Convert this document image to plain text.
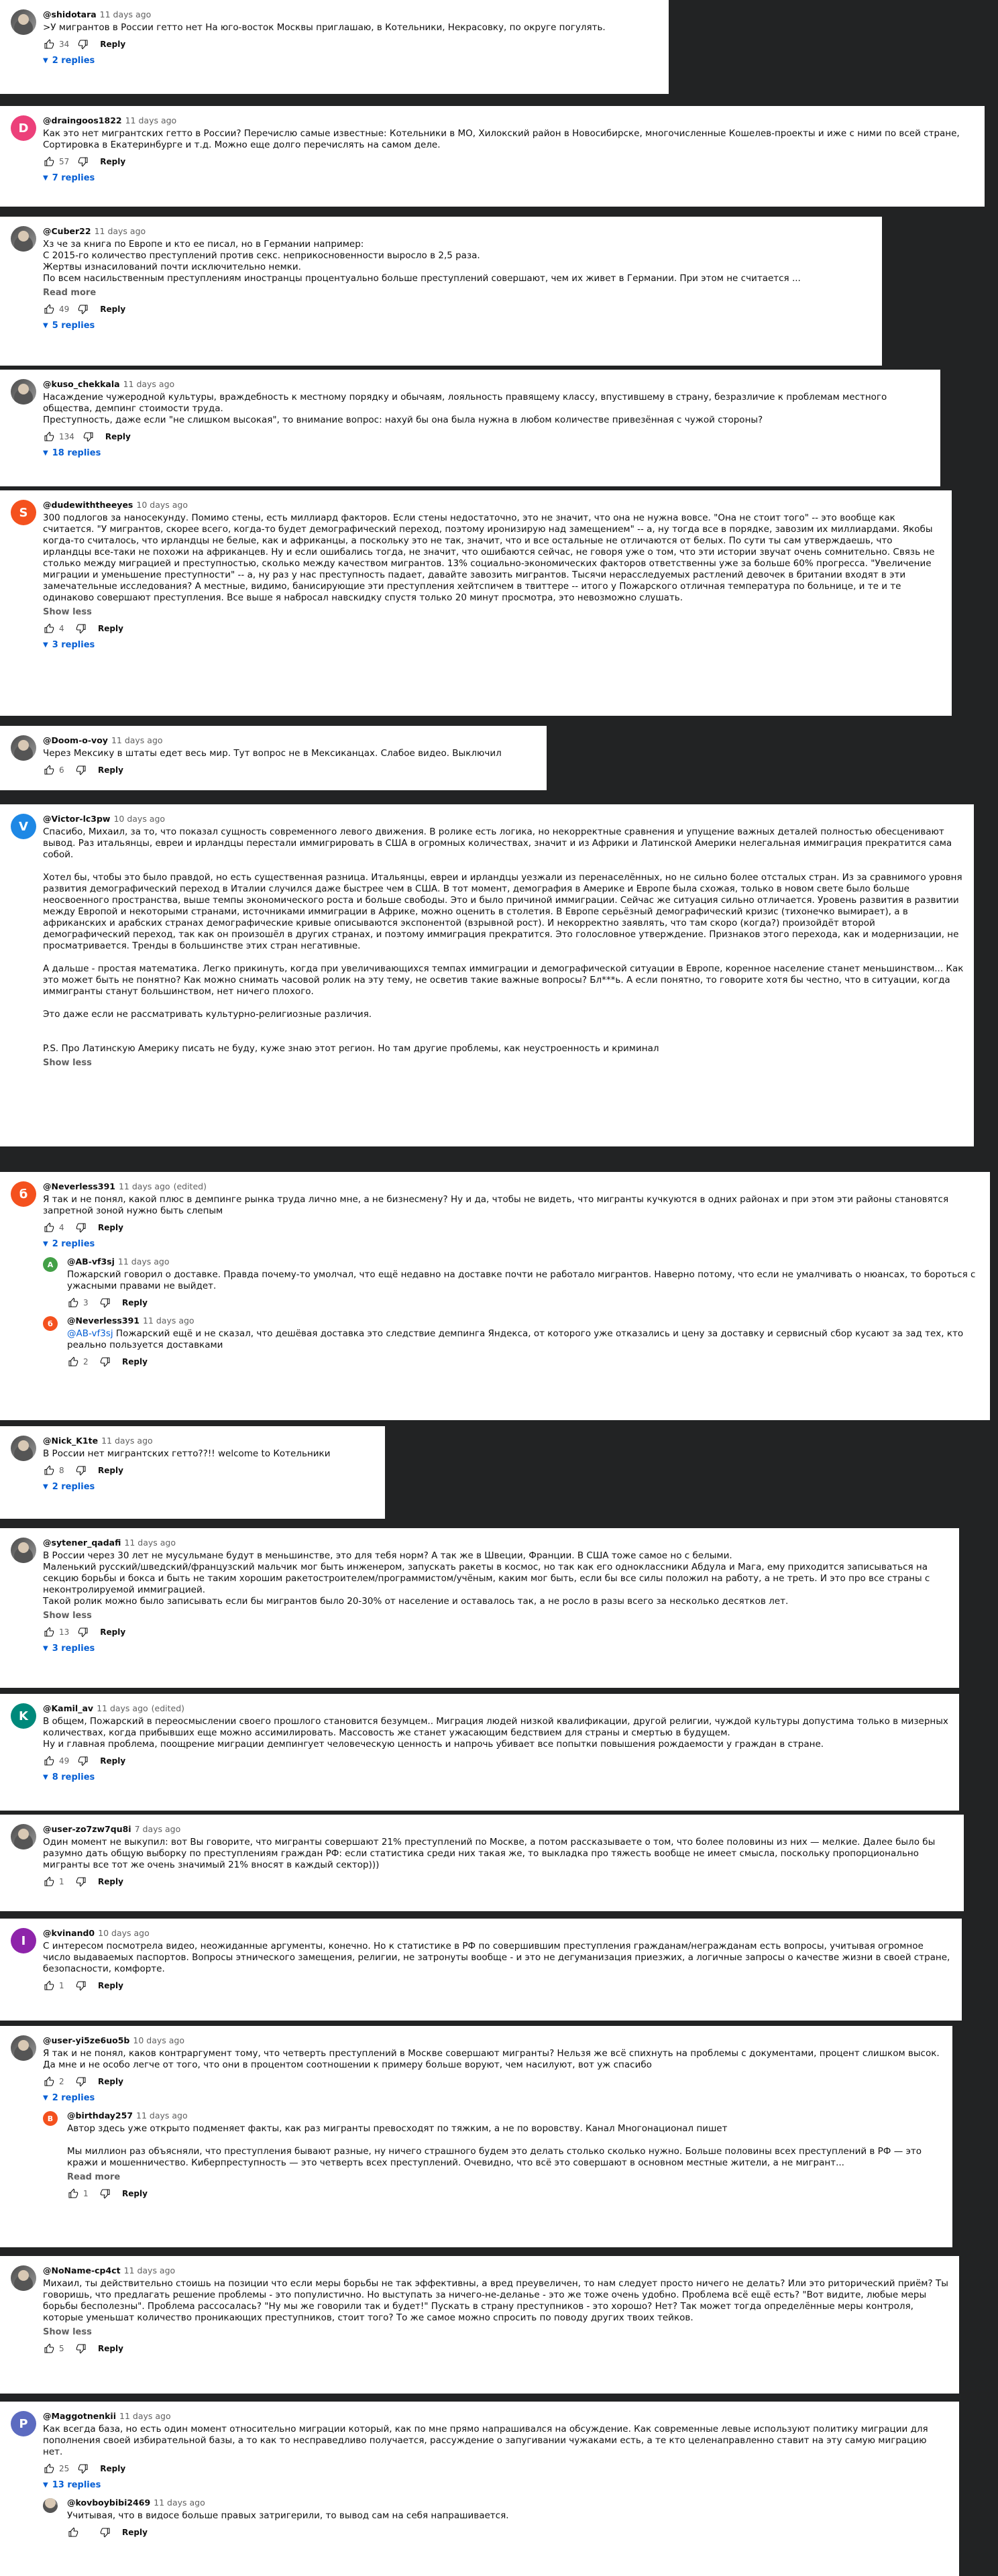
@shidotara 11 days ago
>У мигрантов в России гетто нет На юго-восток Москвы приглашаю, в Котельники, Некрасовку, по округе погулять.
34	Reply
▼ 2 replies
D
@draingoos1822 11 days ago
Как это нет мигрантских гетто в России? Перечислю самые известные: Котельники в МО, Хилокский район в Новосибирске, многочисленные Кошелев-проекты и иже с ними по всей стране, Сортировка в Екатеринбурге и т.д. Можно еще долго перечислять на самом деле.
57	Reply
▼ 7 replies
@Cuber22 11 days ago
Хз че за книга по Европе и кто ее писал, но в Германии например:
С 2015-го количество преступлений против секс. неприкосновенности выросло в 2,5 раза.
Жертвы изнасилований почти исключительно немки.
По всем насильственным преступлениям иностранцы процентуально больше преступлений совершают, чем их живет в Германии. При этом не считается ...
Read more
49	Reply
▼ 5 replies
@kuso_chekkala 11 days ago
Насаждение чужеродной культуры, враждебность к местному порядку и обычаям, лояльность правящему классу, впустившему в страну, безразличие к проблемам местного общества, демпинг стоимости труда.
Преступность, даже если "не слишком высокая", то внимание вопрос: нахуй бы она была нужна в любом количестве привезённая с чужой стороны?
134	Reply
▼ 18 replies
S
@dudewiththeeyes 10 days ago
300 подлогов за наносекунду. Помимо стены, есть миллиард факторов. Если стены недостаточно, это не значит, что она не нужна вовсе. "Она не стоит того" -- это вообще как считается. "У мигрантов, скорее всего, когда-то будет демографический переход, поэтому иронизирую над замещением" -- а, ну тогда все в порядке, завозим их миллиардами. Якобы когда-то считалось, что ирландцы не белые, как и африканцы, а поскольку это не так, значит, что и все остальные не отличаются от белых. По сути ты сам утверждаешь, что ирландцы все-таки не похожи на африканцев. Ну и если ошибались тогда, не значит, что ошибаются сейчас, не говоря уже о том, что эти истории звучат очень сомнительно. Связь не столько между миграцией и преступностью, сколько между качеством мигрантов. 13% социально-экономических факторов ответственны уже за больше 60% прогресса. "Увеличение миграции и уменьшение преступности" -- а, ну раз у нас преступность падает, давайте завозить мигрантов. Тысячи нерасследуемых растлений девочек в британии входят в эти замечательные исследования? А местные, видимо, банисирующие эти преступления хейтспичем в твиттере -- итого у Пожарского отличная температура по больнице, и те и те одинаково совершают преступления. Все выше я набросал навскидку спустя только 20 минут просмотра, это невозможно слушать.
Show less
4	Reply
▼ 3 replies
@Doom-o-voy 11 days ago
Через Мексику в штаты едет весь мир. Тут вопрос не в Мексиканцах. Слабое видео. Выключил
6	Reply
V
@Victor-lc3pw 10 days ago
Спасибо, Михаил, за то, что показал сущность современного левого движения. В ролике есть логика, но некорректные сравнения и упущение важных деталей полностью обесценивают вывод. Раз итальянцы, евреи и ирландцы перестали иммигрировать в США в огромных количествах, значит и из Африки и Латинской Америки нелегальная иммиграция прекратится сама собой.

Хотел бы, чтобы это было правдой, но есть существенная разница. Итальянцы, евреи и ирландцы уезжали из перенаселённых, но не сильно более отсталых стран. Из за сравнимого уровня развития демографический переход в Италии случился даже быстрее чем в США. В тот момент, демография в Америке и Европе была схожая, только в новом свете было больше неосвоенного пространства, выше темпы экономического роста и больше свободы. Это и было причиной иммиграции. Сейчас же ситуация сильно отличается. Уровень развития в развитии между Европой и некоторыми странами, источниками иммиграции в Африке, можно оценить в столетия. В Европе серьёзный демографический кризис (тихонечко вымирает), а в африканских и арабских странах демографические кривые описываются экспонентой (взрывной рост). И некорректно заявлять, что там скоро (когда?) произойдёт второй демографический переход, так как он произошёл в других странах, и поэтому иммиграция прекратится. Это голословное утверждение. Признаков этого перехода, как и модернизации, не просматривается. Тренды в большинстве этих стран негативные.

А дальше - простая математика. Легко прикинуть, когда при увеличивающихся темпах иммиграции и демографической ситуации в Европе, коренное население станет меньшинством... Как это может быть не понятно? Как можно снимать часовой ролик на эту тему, не осветив такие важные вопросы? Бл***ь. А если понятно, то говорите хотя бы честно, что в ситуации, когда иммигранты станут большинством, нет ничего плохого.

Это даже если не рассматривать культурно-религиозные различия.

P.S. Про Латинскую Америку писать не буду, куже знаю этот регион. Но там другие проблемы, как неустроенность и криминал
Show less
б
@Neverless391 11 days ago (edited)
Я так и не понял, какой плюс в демпинге рынка труда лично мне, а не бизнесмену? Ну и да, чтобы не видеть, что мигранты кучкуются в одних районах и при этом эти районы становятся запретной зоной нужно быть слепым
4	Reply
▼ 2 replies
A	@AB-vf3sj 11 days ago
Пожарский говорил о доставке. Правда почему-то умолчал, что ещё недавно на доставке почти не работало мигрантов. Наверно потому, что если не умалчивать о нюансах, то бороться с ужасными правами не выйдет.
3	Reply
б	@Neverless391 11 days ago
@AB-vf3sj Пожарский ещё и не сказал, что дешёвая доставка это следствие демпинга Яндекса, от которого уже отказались и цену за доставку и сервисный сбор кусают за зад тех, кто реально пользуется доставками
2	Reply
@Nick_K1te 11 days ago
В России нет мигрантских гетто??!! welcome to Котельники
8	Reply
▼ 2 replies
@sytener_qadafi 11 days ago
В России через 30 лет не мусульмане будут в меньшинстве, это для тебя норм? А так же в Швеции, Франции. В США тоже самое но с белыми.
Маленький русский/шведский/французский мальчик мог быть инженером, запускать ракеты в космос, но так как его одноклассники Абдула и Мага, ему приходится записываться на секцию борьбы и бокса и быть не таким хорошим ракетостроителем/программистом/учёным, каким мог быть, если бы все силы положил на работу, а не треть. И это про все страны с неконтролируемой иммиграцией.
Такой ролик можно было записывать если бы мигрантов было 20-30% от население и оставалось так, а не росло в разы всего за несколько десятков лет.
Show less
13	Reply
▼ 3 replies
K
@Kamil_av 11 days ago (edited)
В общем, Пожарский в переосмыслении своего прошлого становится безумцем.. Миграция людей низкой квалификации, другой религии, чуждой культуры допустима только в мизерных количествах, когда прибывших еще можно ассимилировать. Массовость же станет ужасающим бедствием для страны и смертью в будущем.
Ну и главная проблема, поощрение миграции демпингует человеческую ценность и напрочь убивает все попытки повышения рождаемости у граждан в стране.
49	Reply
▼ 8 replies
@user-zo7zw7qu8i 7 days ago
Один момент не выкупил: вот Вы говорите, что мигранты совершают 21% преступлений по Москве, а потом рассказываете о том, что более половины из них — мелкие. Далее было бы разумно дать общую выборку по преступлениям граждан РФ: если статистика среди них такая же, то выкладка про тяжесть вообще не имеет смысла, поскольку пропорционально мигранты все тот же очень значимый 21% вносят в каждый сектор)))
1	Reply
I
@kvinand0 10 days ago
С интересом посмотрела видео, неожиданные аргументы, конечно. Но к статистике в РФ по совершившим преступления гражданам/неграждaнам есть вопросы, учитывая огромное число выдаваемых паспортов. Вопросы этнического замещения, религии, не затронуты вообще - и это не дегуманизация приезжих, а логичные запросы о качестве жизни в своей стране, безопасности, комфорте.
1	Reply
@user-yi5ze6uo5b 10 days ago
Я так и не понял, каков контраргумент тому, что четверть преступлений в Москве совершают мигранты? Нельзя же всё спихнуть на проблемы с документами, процент слишком высок. Да мне и не особо легче от того, что они в процентом соотношении к примеру больше воруют, чем насилуют, вот уж спасибо
2	Reply
▼ 2 replies
B	@birthday257 11 days ago
Автор здесь уже открыто подменяет факты, как раз мигранты превосходят по тяжким, а не по воровству. Канал Многонационал пишет

Мы миллион раз объясняли, что преступления бывают разные, ну ничего страшного будем это делать столько сколько нужно. Больше половины всех преступлений в РФ — это кражи и мошенничество. Киберпреступность — это четверть всех преступлений. Очевидно, что всё это совершают в основном местные жители, а не мигрант...
Read more
1	Reply
@NoName-cp4ct 11 days ago
Михаил, ты действительно стоишь на позиции что если меры борьбы не так эффективны, а вред преувеличен, то нам следует просто ничего не делать? Или это риторический приём? Ты говоришь, что предлагать решение проблемы - это популистично. Но выступать за ничего-не-деланье - это же тоже очень удобно. Проблема всё ещё есть? "Вот видите, любые меры борьбы бесполезны". Проблема рассосалась? "Ну мы же говорили так и будет!" Пускать в страну преступников - это хорошо? Нет? Так может тогда определённые меры контроля, которые уменьшат количество проникающих преступников, стоит того? То же самое можно спросить по поводу других твоих тейков.
Show less
5	Reply
P
@Maggotnenkii 11 days ago
Как всегда база, но есть один момент относительно миграции который, как по мне прямо напрашивался на обсуждение. Как современные левые используют политику миграции для пополнения своей избирательной базы, а то как то несправедливо получается, рассуждение о запугивании чужаками есть, а те кто целенаправленно ставит на эту самую миграцию нет.
25	Reply
▼ 13 replies
@kovboybibi2469 11 days ago
Учитывая, что в видосе больше правых затригерили, то вывод сам на себя напрашивается.
Reply
